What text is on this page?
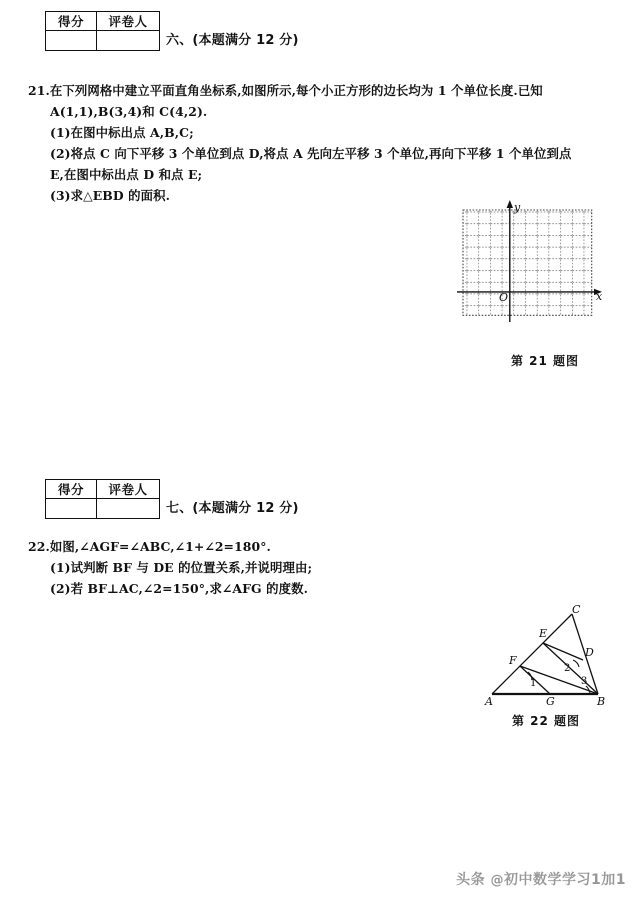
得分	评卷人

六、(本题满分 12 分)
21.在下列网格中建立平面直角坐标系,如图所示,每个小正方形的边长均为 1 个单位长度.已知
A(1,1),B(3,4)和 C(4,2).
(1)在图中标出点 A,B,C;
(2)将点 C 向下平移 3 个单位到点 D,将点 A 先向左平移 3 个单位,再向下平移 1 个单位到点
E,在图中标出点 D 和点 E;
(3)求△EBD 的面积.
y
x
O
第 21 题图
得分	评卷人

七、(本题满分 12 分)
22.如图,∠AGF=∠ABC,∠1+∠2=180°.
(1)试判断 BF 与 DE 的位置关系,并说明理由;
(2)若 BF⊥AC,∠2=150°,求∠AFG 的度数.
A	B
C
D
E
F
G
1
2
3
第 22 题图
头条 @初中数学学习1加1
